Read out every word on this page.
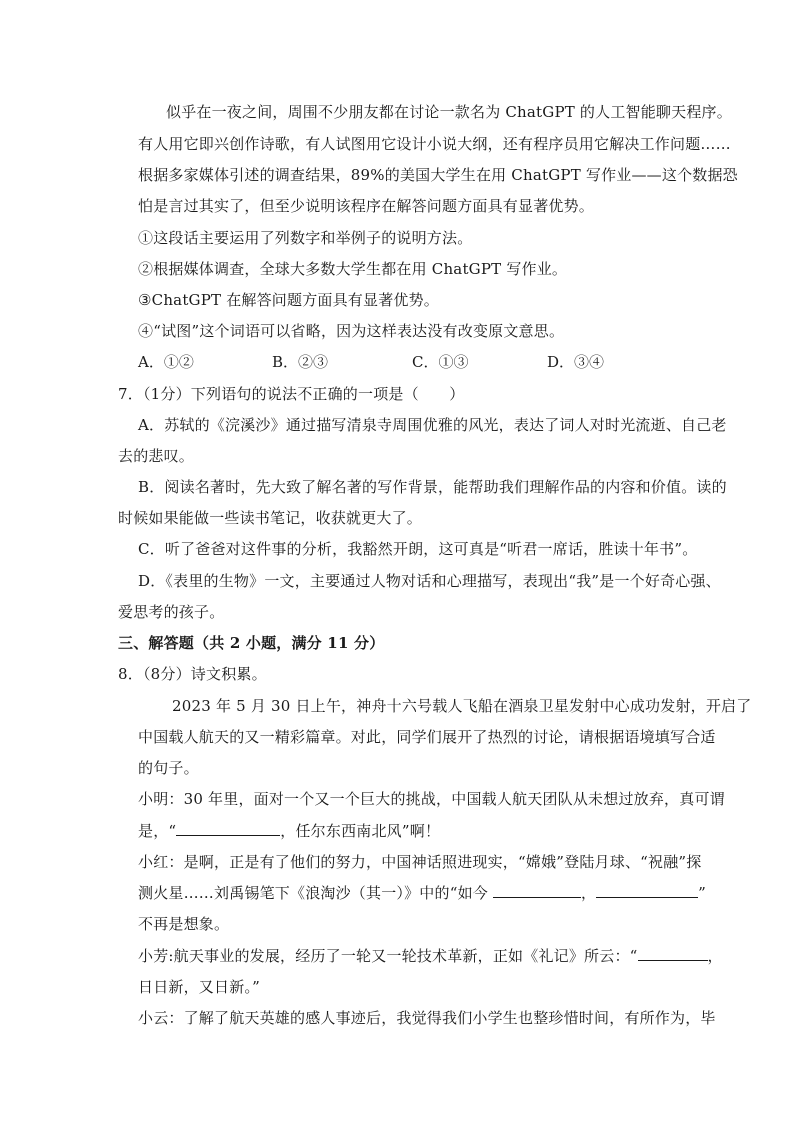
似乎在一夜之间，周围不少朋友都在讨论一款名为 ChatGPT 的人工智能聊天程序。
有人用它即兴创作诗歌，有人试图用它设计小说大纲，还有程序员用它解决工作问题……
根据多家媒体引述的调查结果，89%的美国大学生在用 ChatGPT 写作业——这个数据恐
怕是言过其实了，但至少说明该程序在解答问题方面具有显著优势。
①这段话主要运用了列数字和举例子的说明方法。
②根据媒体调查，全球大多数大学生都在用 ChatGPT 写作业。
③ChatGPT 在解答问题方面具有显著优势。
④“试图”这个词语可以省略，因为这样表达没有改变原文意思。
A．①②	B．②③	C．①③	D．③④
7．（1分）下列语句的说法不正确的一项是（　　）
A．苏轼的《浣溪沙》通过描写清泉寺周围优雅的风光，表达了词人对时光流逝、自己老
去的悲叹。
B．阅读名著时，先大致了解名著的写作背景，能帮助我们理解作品的内容和价值。读的
时候如果能做一些读书笔记，收获就更大了。
C．听了爸爸对这件事的分析，我豁然开朗，这可真是“听君一席话，胜读十年书”。
D．《表里的生物》一文，主要通过人物对话和心理描写，表现出“我”是一个好奇心强、
爱思考的孩子。
三、解答题（共 2 小题，满分 11 分）
8．（8分）诗文积累。
2023 年 5 月 30 日上午，神舟十六号载人飞船在酒泉卫星发射中心成功发射，开启了
中国载人航天的又一精彩篇章。对此，同学们展开了热烈的讨论，请根据语境填写合适
的句子。
小明：30 年里，面对一个又一个巨大的挑战，中国载人航天团队从未想过放弃，真可谓
是，“	，任尔东西南北风”啊！
小红：是啊，正是有了他们的努力，中国神话照进现实，“嫦娥”登陆月球、“祝融”探
测火星……刘禹锡笔下《浪淘沙（其一）》中的“如今	，	”
不再是想象。
小芳:航天事业的发展，经历了一轮又一轮技术革新，正如《礼记》所云：“	，
日日新，又日新。”
小云：了解了航天英雄的感人事迹后，我觉得我们小学生也整珍惜时间，有所作为，毕
